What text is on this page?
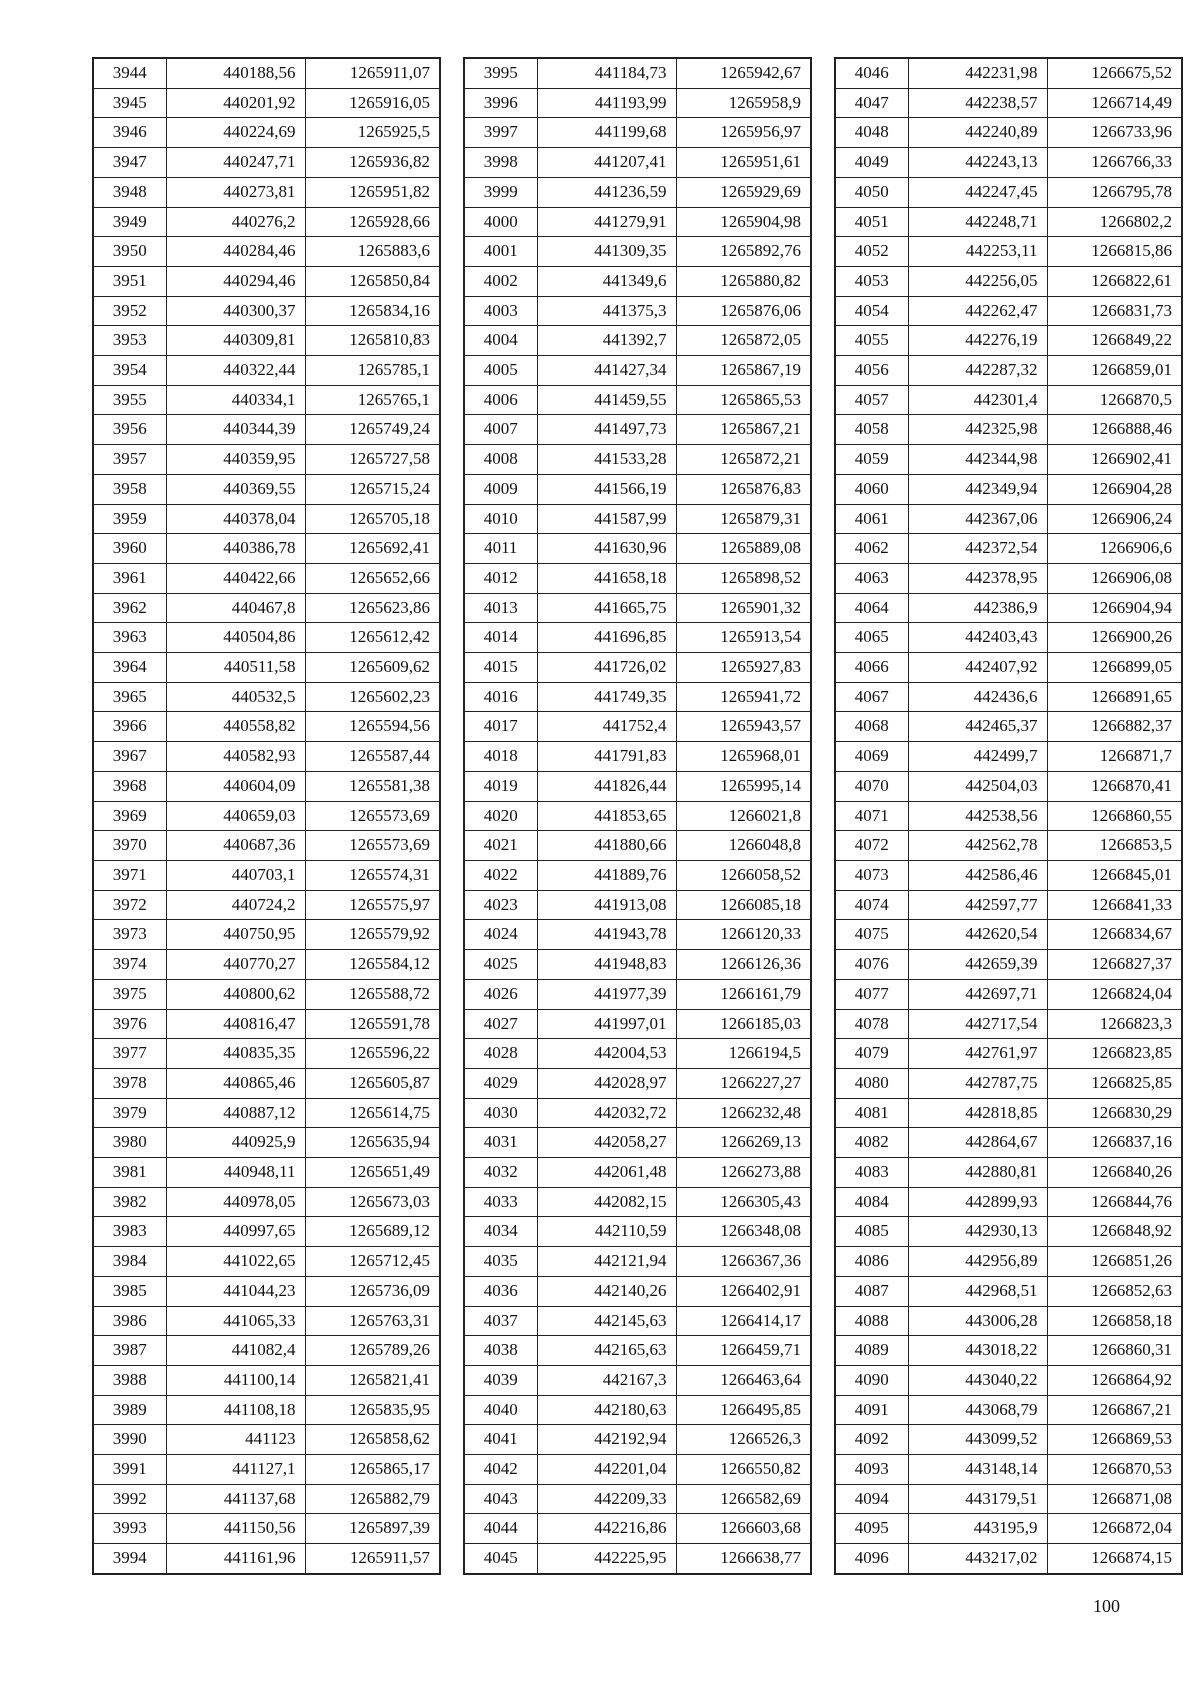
3944	440188,56	1265911,07
3945	440201,92	1265916,05
3946	440224,69	1265925,5
3947	440247,71	1265936,82
3948	440273,81	1265951,82
3949	440276,2	1265928,66
3950	440284,46	1265883,6
3951	440294,46	1265850,84
3952	440300,37	1265834,16
3953	440309,81	1265810,83
3954	440322,44	1265785,1
3955	440334,1	1265765,1
3956	440344,39	1265749,24
3957	440359,95	1265727,58
3958	440369,55	1265715,24
3959	440378,04	1265705,18
3960	440386,78	1265692,41
3961	440422,66	1265652,66
3962	440467,8	1265623,86
3963	440504,86	1265612,42
3964	440511,58	1265609,62
3965	440532,5	1265602,23
3966	440558,82	1265594,56
3967	440582,93	1265587,44
3968	440604,09	1265581,38
3969	440659,03	1265573,69
3970	440687,36	1265573,69
3971	440703,1	1265574,31
3972	440724,2	1265575,97
3973	440750,95	1265579,92
3974	440770,27	1265584,12
3975	440800,62	1265588,72
3976	440816,47	1265591,78
3977	440835,35	1265596,22
3978	440865,46	1265605,87
3979	440887,12	1265614,75
3980	440925,9	1265635,94
3981	440948,11	1265651,49
3982	440978,05	1265673,03
3983	440997,65	1265689,12
3984	441022,65	1265712,45
3985	441044,23	1265736,09
3986	441065,33	1265763,31
3987	441082,4	1265789,26
3988	441100,14	1265821,41
3989	441108,18	1265835,95
3990	441123	1265858,62
3991	441127,1	1265865,17
3992	441137,68	1265882,79
3993	441150,56	1265897,39
3994	441161,96	1265911,57
3995	441184,73	1265942,67
3996	441193,99	1265958,9
3997	441199,68	1265956,97
3998	441207,41	1265951,61
3999	441236,59	1265929,69
4000	441279,91	1265904,98
4001	441309,35	1265892,76
4002	441349,6	1265880,82
4003	441375,3	1265876,06
4004	441392,7	1265872,05
4005	441427,34	1265867,19
4006	441459,55	1265865,53
4007	441497,73	1265867,21
4008	441533,28	1265872,21
4009	441566,19	1265876,83
4010	441587,99	1265879,31
4011	441630,96	1265889,08
4012	441658,18	1265898,52
4013	441665,75	1265901,32
4014	441696,85	1265913,54
4015	441726,02	1265927,83
4016	441749,35	1265941,72
4017	441752,4	1265943,57
4018	441791,83	1265968,01
4019	441826,44	1265995,14
4020	441853,65	1266021,8
4021	441880,66	1266048,8
4022	441889,76	1266058,52
4023	441913,08	1266085,18
4024	441943,78	1266120,33
4025	441948,83	1266126,36
4026	441977,39	1266161,79
4027	441997,01	1266185,03
4028	442004,53	1266194,5
4029	442028,97	1266227,27
4030	442032,72	1266232,48
4031	442058,27	1266269,13
4032	442061,48	1266273,88
4033	442082,15	1266305,43
4034	442110,59	1266348,08
4035	442121,94	1266367,36
4036	442140,26	1266402,91
4037	442145,63	1266414,17
4038	442165,63	1266459,71
4039	442167,3	1266463,64
4040	442180,63	1266495,85
4041	442192,94	1266526,3
4042	442201,04	1266550,82
4043	442209,33	1266582,69
4044	442216,86	1266603,68
4045	442225,95	1266638,77
4046	442231,98	1266675,52
4047	442238,57	1266714,49
4048	442240,89	1266733,96
4049	442243,13	1266766,33
4050	442247,45	1266795,78
4051	442248,71	1266802,2
4052	442253,11	1266815,86
4053	442256,05	1266822,61
4054	442262,47	1266831,73
4055	442276,19	1266849,22
4056	442287,32	1266859,01
4057	442301,4	1266870,5
4058	442325,98	1266888,46
4059	442344,98	1266902,41
4060	442349,94	1266904,28
4061	442367,06	1266906,24
4062	442372,54	1266906,6
4063	442378,95	1266906,08
4064	442386,9	1266904,94
4065	442403,43	1266900,26
4066	442407,92	1266899,05
4067	442436,6	1266891,65
4068	442465,37	1266882,37
4069	442499,7	1266871,7
4070	442504,03	1266870,41
4071	442538,56	1266860,55
4072	442562,78	1266853,5
4073	442586,46	1266845,01
4074	442597,77	1266841,33
4075	442620,54	1266834,67
4076	442659,39	1266827,37
4077	442697,71	1266824,04
4078	442717,54	1266823,3
4079	442761,97	1266823,85
4080	442787,75	1266825,85
4081	442818,85	1266830,29
4082	442864,67	1266837,16
4083	442880,81	1266840,26
4084	442899,93	1266844,76
4085	442930,13	1266848,92
4086	442956,89	1266851,26
4087	442968,51	1266852,63
4088	443006,28	1266858,18
4089	443018,22	1266860,31
4090	443040,22	1266864,92
4091	443068,79	1266867,21
4092	443099,52	1266869,53
4093	443148,14	1266870,53
4094	443179,51	1266871,08
4095	443195,9	1266872,04
4096	443217,02	1266874,15
100
